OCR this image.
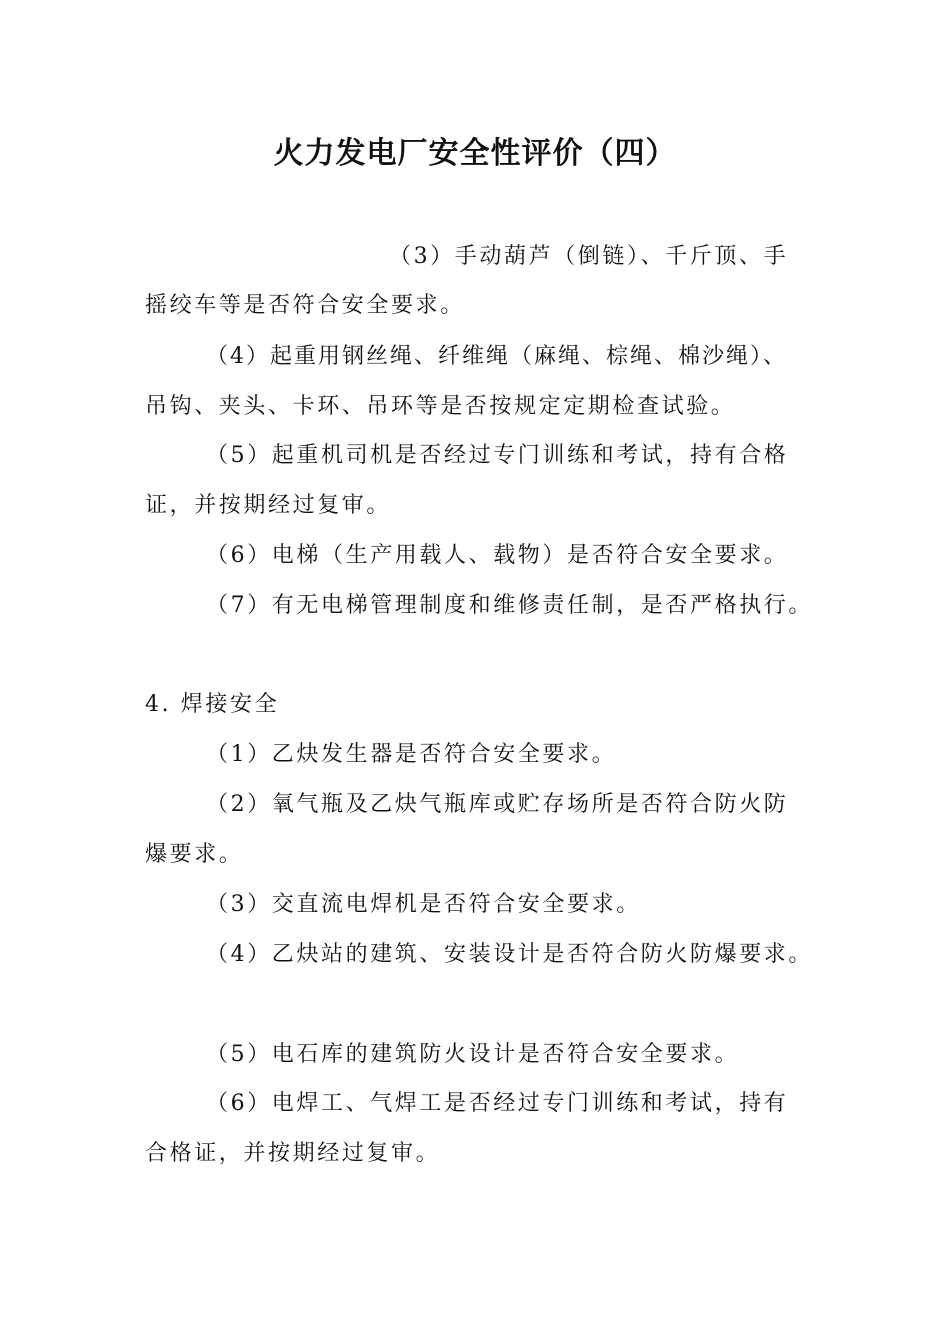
火力发电厂安全性评价（四）
（3）手动葫芦（倒链）、千斤顶、手
摇绞车等是否符合安全要求。
（4）起重用钢丝绳、纤维绳（麻绳、棕绳、棉沙绳）、
吊钩、夹头、卡环、吊环等是否按规定定期检查试验。
（5）起重机司机是否经过专门训练和考试，持有合格
证，并按期经过复审。
（6）电梯（生产用载人、载物）是否符合安全要求。
（7）有无电梯管理制度和维修责任制，是否严格执行。
4. 焊接安全
（1）乙炔发生器是否符合安全要求。
（2）氧气瓶及乙炔气瓶库或贮存场所是否符合防火防
爆要求。
（3）交直流电焊机是否符合安全要求。
（4）乙炔站的建筑、安装设计是否符合防火防爆要求。
（5）电石库的建筑防火设计是否符合安全要求。
（6）电焊工、气焊工是否经过专门训练和考试，持有
合格证，并按期经过复审。
